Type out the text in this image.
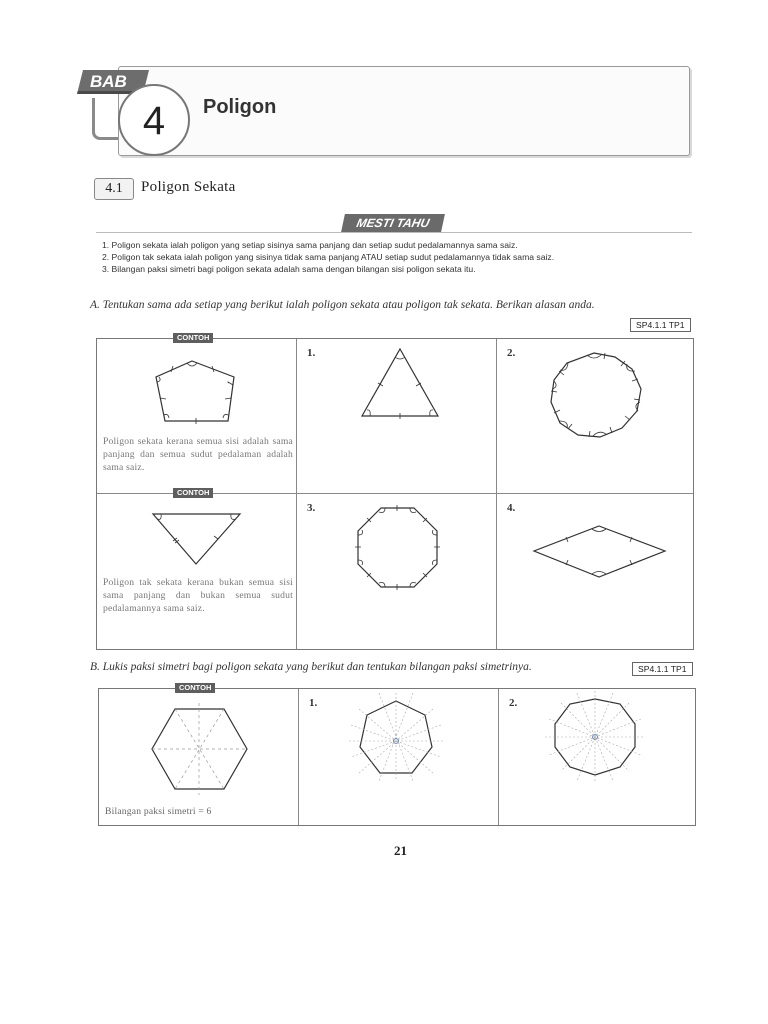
BAB
4	Poligon
4.1	Poligon Sekata
MESTI TAHU
1. Poligon sekata ialah poligon yang setiap sisinya sama panjang dan setiap sudut pedalamannya sama saiz.
2. Poligon tak sekata ialah poligon yang sisinya tidak sama panjang ATAU setiap sudut pedalamannya tidak sama saiz.
3. Bilangan paksi simetri bagi poligon sekata adalah sama dengan bilangan sisi poligon sekata itu.
A. Tentukan sama ada setiap yang berikut ialah poligon sekata atau poligon tak sekata. Berikan alasan anda.
SP4.1.1 TP1
CONTOH
Poligon sekata kerana semua sisi adalah sama panjang dan semua sudut pedalaman adalah sama saiz.
1.	2.
CONTOH
Poligon tak sekata kerana bukan semua sisi sama panjang dan bukan semua sudut pedalamannya sama saiz.
3.	4.
B. Lukis paksi simetri bagi poligon sekata yang berikut dan tentukan bilangan paksi simetrinya.	SP4.1.1 TP1
CONTOH
Bilangan paksi simetri = 6
1.	2.
21
